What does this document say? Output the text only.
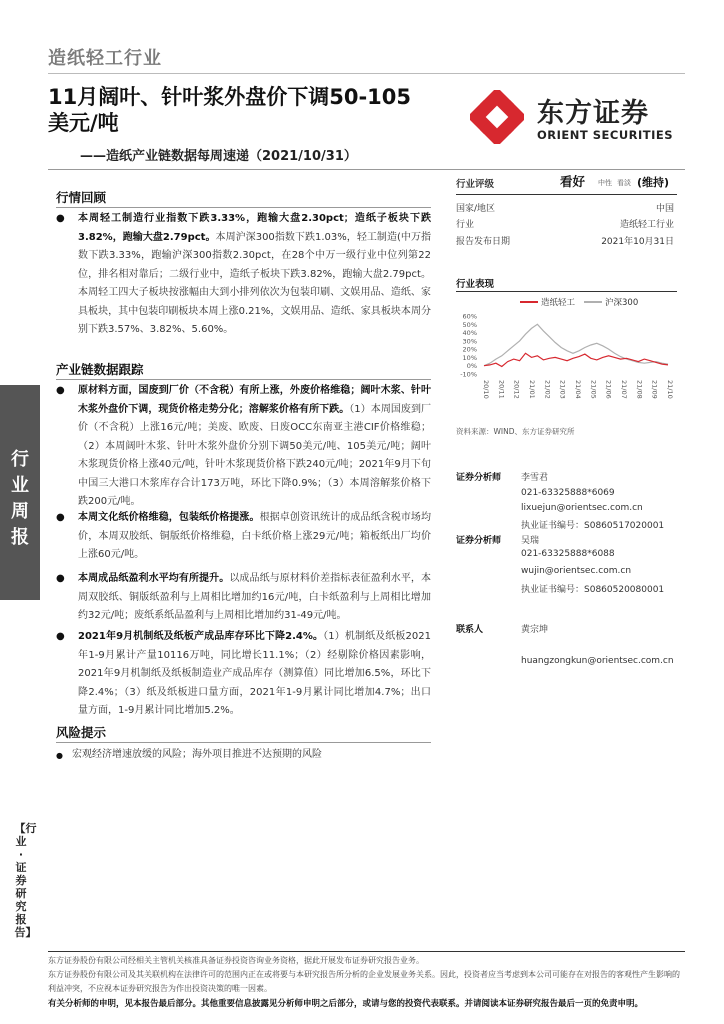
造纸轻工行业
11月阔叶、针叶浆外盘价下调50-105美元/吨
——造纸产业链数据每周速递（2021/10/31）
东方证券
ORIENT SECURITIES
行情回顾
● 本周轻工制造行业指数下跌3.33%，跑输大盘2.30pct；造纸子板块下跌3.82%，跑输大盘2.79pct。本周沪深300指数下跌1.03%，轻工制造(中万指数下跌3.33%，跑输沪深300指数2.30pct，在28个中万一级行业中位列第22位，排名相对靠后；二级行业中，造纸子板块下跌3.82%，跑输大盘2.79pct。本周轻工四大子板块按涨幅由大到小排列依次为包装印刷、文娱用品、造纸、家具板块，其中包装印刷板块本周上涨0.21%，文娱用品、造纸、家具板块本周分别下跌3.57%、3.82%、5.60%。
产业链数据跟踪
● 原材料方面，国废到厂价（不含税）有所上涨，外废价格维稳；阔叶木浆、针叶木浆外盘价下调，现货价格走势分化；溶解浆价格有所下跌。（1）本周国废到厂价（不含税）上涨16元/吨；美废、欧废、日废OCC东南亚主港CIF价格维稳；（2）本周阔叶木浆、针叶木浆外盘价分别下调50美元/吨、105美元/吨；阔叶木浆现货价格上涨40元/吨，针叶木浆现货价格下跌240元/吨；2021年9月下旬中国三大港口木浆库存合计173万吨，环比下降0.9%；（3）本周溶解浆价格下跌200元/吨。
● 本周文化纸价格维稳，包装纸价格提涨。根据卓创资讯统计的成品纸含税市场均价，本周双胶纸、铜版纸价格维稳，白卡纸价格上涨29元/吨；箱板纸出厂均价上涨60元/吨。
● 本周成品纸盈利水平均有所提升。以成品纸与原材料价差指标表征盈利水平，本周双胶纸、铜版纸盈利与上周相比增加约16元/吨，白卡纸盈利与上周相比增加约32元/吨；废纸系纸品盈利与上周相比增加约31-49元/吨。
● 2021年9月机制纸及纸板产成品库存环比下降2.4%。（1）机制纸及纸板2021年1-9月累计产量10116万吨，同比增长11.1%；（2）经剔除价格因素影响，2021年9月机制纸及纸板制造业产成品库存（测算值）同比增加6.5%，环比下降2.4%；（3）纸及纸板进口量方面，2021年1-9月累计同比增加4.7%；出口量方面，1-9月累计同比增加5.2%。
风险提示
● 宏观经济增速放缓的风险；海外项目推进不达预期的风险
行业周报
【行业·证券研究报告】
行业评级	看好 中性 看淡 (维持)
国家/地区	中国
行业	造纸轻工行业
报告发布日期	2021年10月31日
行业表现
造纸轻工	沪深300
60%
50%
40%
30%
20%
10%
0%
-10%
20/10 20/11 20/12 21/01 21/02 21/03 21/04 21/05 21/06 21/07 21/08 21/09 21/10
资料来源：WIND、东方证券研究所
证券分析师 李雪君
021-63325888*6069
lixuejun@orientsec.com.cn
执业证书编号：S0860517020001
证券分析师 吴瑞
021-63325888*6088
wujin@orientsec.com.cn
执业证书编号：S0860520080001
联系人	黄宗坤
huangzongkun@orientsec.com.cn
东方证券股份有限公司经相关主管机关核准具备证券投资咨询业务资格，据此开展发布证券研究报告业务。
东方证券股份有限公司及其关联机构在法律许可的范围内正在或将要与本研究报告所分析的企业发展业务关系。因此，投资者应当考虑到本公司可能存在对报告的客观性产生影响的利益冲突，不应视本证券研究报告为作出投资决策的唯一因素。
有关分析师的申明，见本报告最后部分。其他重要信息披露见分析师申明之后部分，或请与您的投资代表联系。并请阅读本证券研究报告最后一页的免责申明。
